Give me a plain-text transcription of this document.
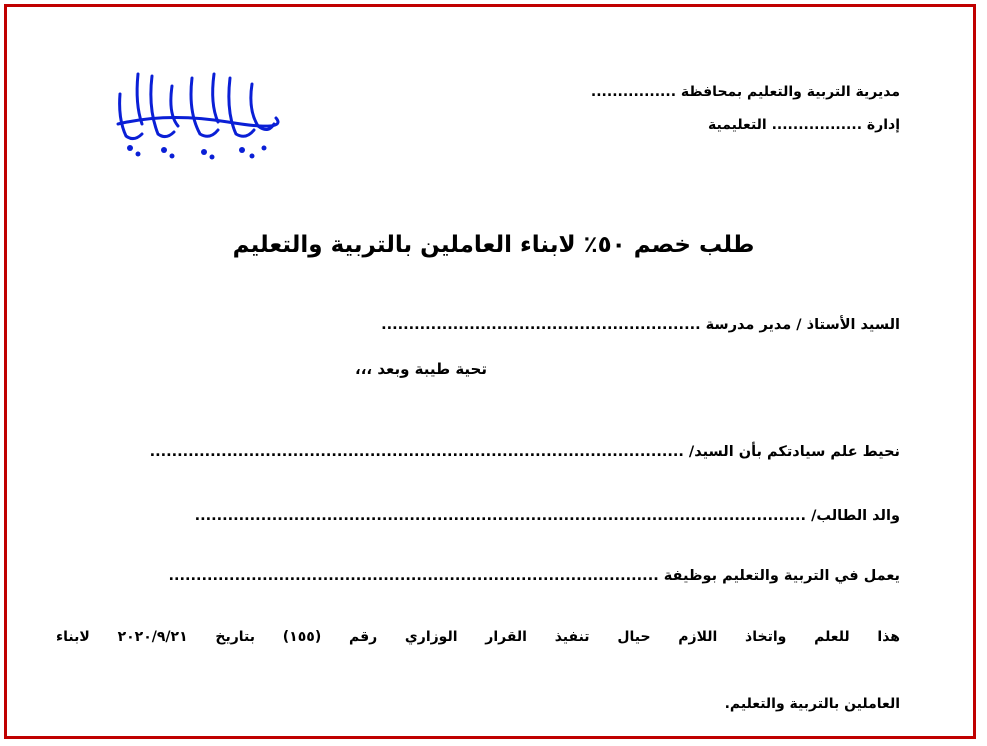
مديرية التربية والتعليم بمحافظة ................
إدارة ................. التعليمية
طلب خصم ٥٠٪ لابناء العاملين بالتربية والتعليم
السيد الأستاذ / مدير مدرسة ..........................................................
تحية طيبة وبعد ،،،
نحيط علم سيادتكم بأن السيد/ .................................................................................................
والد الطالب/ ...............................................................................................................
يعمل في التربية والتعليم بوظيفة .........................................................................................
هذا للعلم واتخاذ اللازم حيال تنفيذ القرار الوزاري رقم (١٥٥) بتاريخ ٢٠٢٠/٩/٢١ لابناء
العاملين بالتربية والتعليم.
